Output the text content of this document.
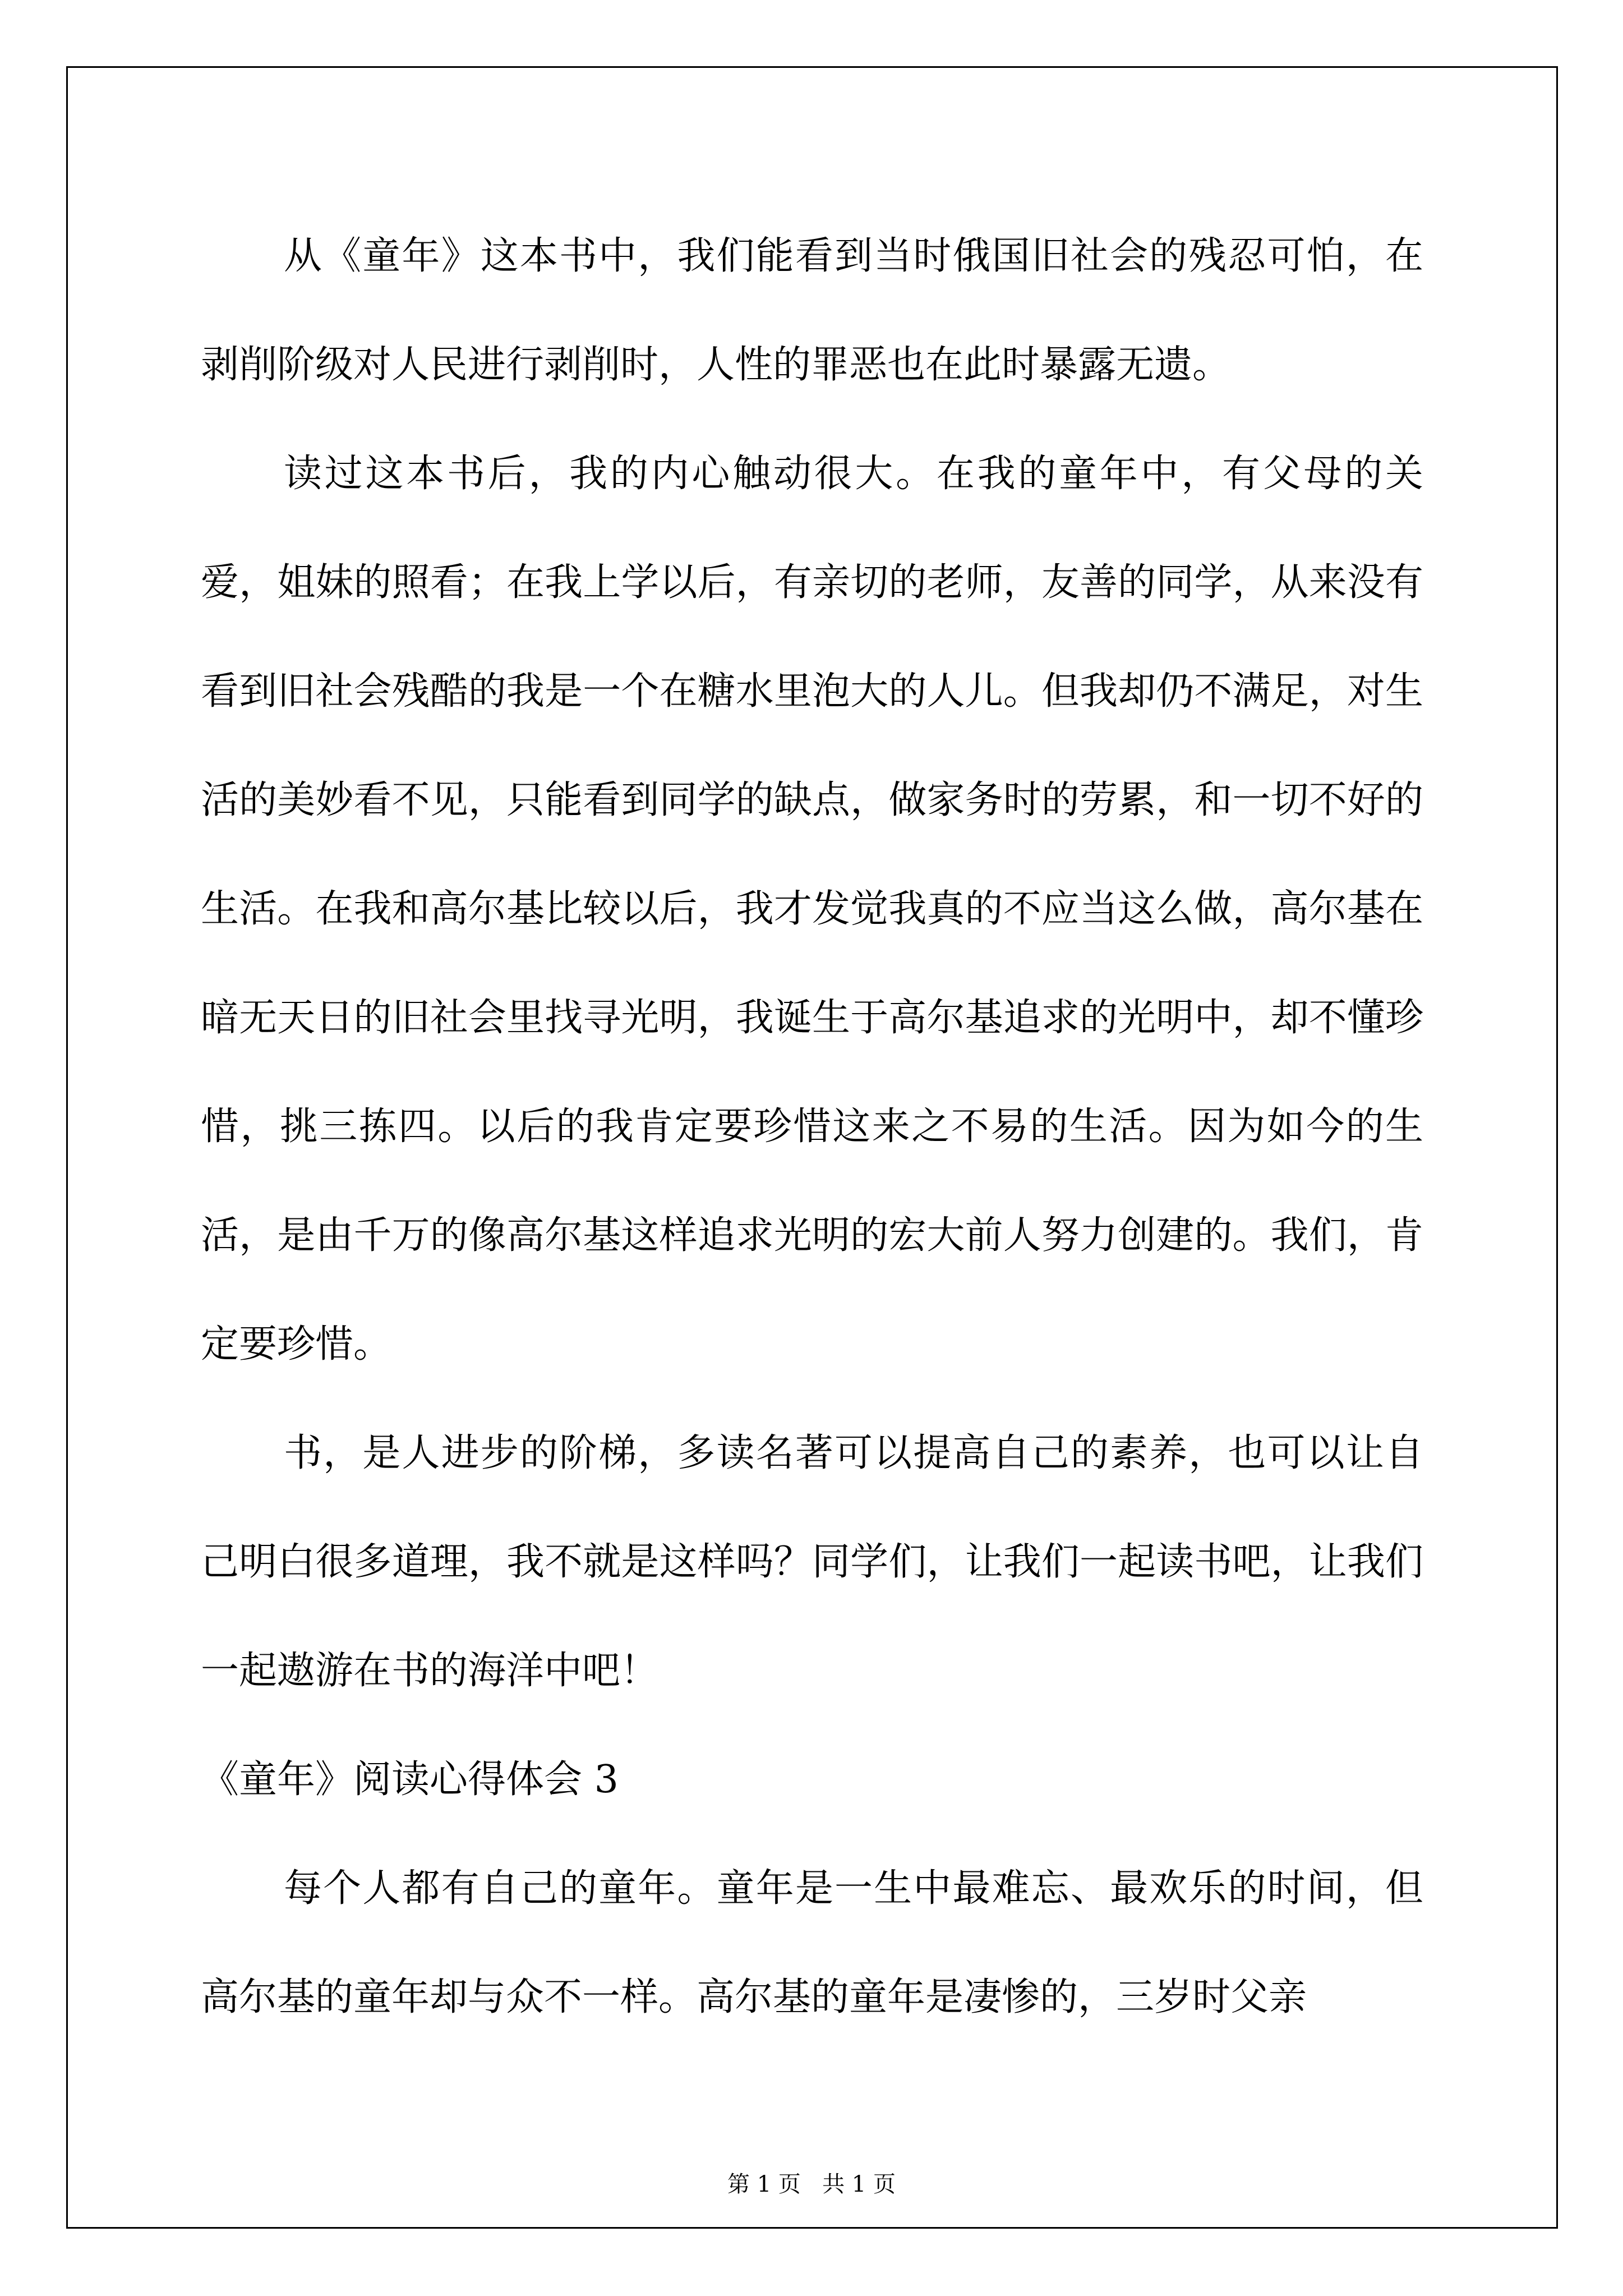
从《童年》这本书中，我们能看到当时俄国旧社会的残忍可怕，在剥削阶级对人民进行剥削时，人性的罪恶也在此时暴露无遗。

读过这本书后，我的内心触动很大。在我的童年中，有父母的关爱，姐妹的照看；在我上学以后，有亲切的老师，友善的同学，从来没有看到旧社会残酷的我是一个在糖水里泡大的人儿。但我却仍不满足，对生活的美妙看不见，只能看到同学的缺点，做家务时的劳累，和一切不好的生活。在我和高尔基比较以后，我才发觉我真的不应当这么做，高尔基在暗无天日的旧社会里找寻光明，我诞生于高尔基追求的光明中，却不懂珍惜，挑三拣四。以后的我肯定要珍惜这来之不易的生活。因为如今的生活，是由千万的像高尔基这样追求光明的宏大前人努力创建的。我们，肯定要珍惜。

书，是人进步的阶梯，多读名著可以提高自己的素养，也可以让自己明白很多道理，我不就是这样吗？同学们，让我们一起读书吧，让我们一起遨游在书的海洋中吧！

《童年》阅读心得体会 3

每个人都有自己的童年。童年是一生中最难忘、最欢乐的时间，但高尔基的童年却与众不一样。高尔基的童年是凄惨的，三岁时父亲

第 1 页 共 1 页
